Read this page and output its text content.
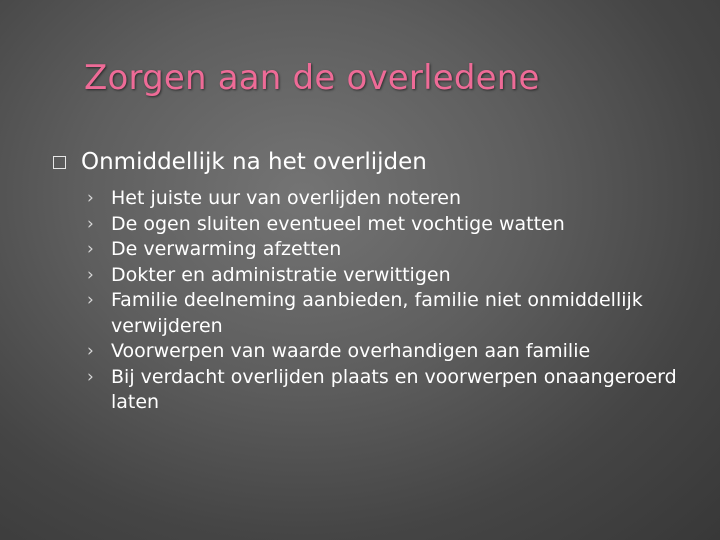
Zorgen aan de overledene
Onmiddellijk na het overlijden
› Het juiste uur van overlijden noteren
› De ogen sluiten eventueel met vochtige watten
› De verwarming afzetten
› Dokter en administratie verwittigen
› Familie deelneming aanbieden, familie niet onmiddellijk verwijderen
› Voorwerpen van waarde overhandigen aan familie
› Bij verdacht overlijden plaats en voorwerpen onaangeroerd laten
